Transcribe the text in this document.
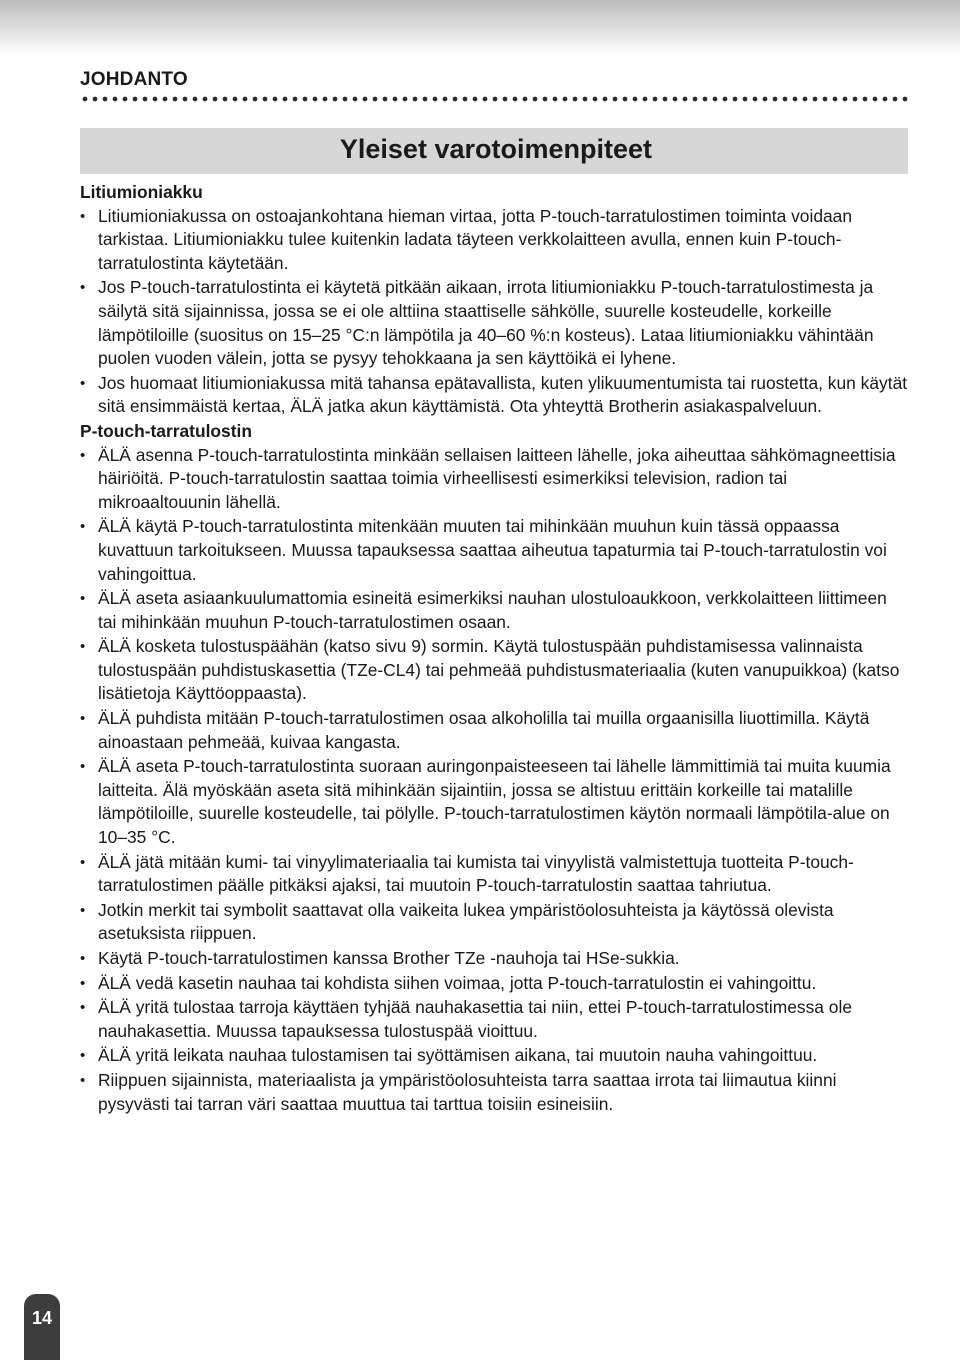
JOHDANTO
Yleiset varotoimenpiteet
Litiumioniakku
• Litiumioniakussa on ostoajankohtana hieman virtaa, jotta P-touch-tarratulostimen toiminta voidaan tarkistaa. Litiumioniakku tulee kuitenkin ladata täyteen verkkolaitteen avulla, ennen kuin P-touch-tarratulostinta käytetään.
• Jos P-touch-tarratulostinta ei käytetä pitkään aikaan, irrota litiumioniakku P-touch-tarratulostimesta ja säilytä sitä sijainnissa, jossa se ei ole alttiina staattiselle sähkölle, suurelle kosteudelle, korkeille lämpötiloille (suositus on 15–25 °C:n lämpötila ja 40–60 %:n kosteus). Lataa litiumioniakku vähintään puolen vuoden välein, jotta se pysyy tehokkaana ja sen käyttöikä ei lyhene.
• Jos huomaat litiumioniakussa mitä tahansa epätavallista, kuten ylikuumentumista tai ruostetta, kun käytät sitä ensimmäistä kertaa, ÄLÄ jatka akun käyttämistä. Ota yhteyttä Brotherin asiakaspalveluun.
P-touch-tarratulostin
• ÄLÄ asenna P-touch-tarratulostinta minkään sellaisen laitteen lähelle, joka aiheuttaa sähkömagneettisia häiriöitä. P-touch-tarratulostin saattaa toimia virheellisesti esimerkiksi television, radion tai mikroaaltouunin lähellä.
• ÄLÄ käytä P-touch-tarratulostinta mitenkään muuten tai mihinkään muuhun kuin tässä oppaassa kuvattuun tarkoitukseen. Muussa tapauksessa saattaa aiheutua tapaturmia tai P-touch-tarratulostin voi vahingoittua.
• ÄLÄ aseta asiaankuulumattomia esineitä esimerkiksi nauhan ulostuloaukkoon, verkkolaitteen liittimeen tai mihinkään muuhun P-touch-tarratulostimen osaan.
• ÄLÄ kosketa tulostuspäähän (katso sivu 9) sormin. Käytä tulostuspään puhdistamisessa valinnaista tulostuspään puhdistuskasettia (TZe-CL4) tai pehmeää puhdistusmateriaalia (kuten vanupuikkoa) (katso lisätietoja Käyttöoppaasta).
• ÄLÄ puhdista mitään P-touch-tarratulostimen osaa alkoholilla tai muilla orgaanisilla liuottimilla. Käytä ainoastaan pehmeää, kuivaa kangasta.
• ÄLÄ aseta P-touch-tarratulostinta suoraan auringonpaisteeseen tai lähelle lämmittimiä tai muita kuumia laitteita. Älä myöskään aseta sitä mihinkään sijaintiin, jossa se altistuu erittäin korkeille tai matalille lämpötiloille, suurelle kosteudelle, tai pölylle. P-touch-tarratulostimen käytön normaali lämpötila-alue on 10–35 °C.
• ÄLÄ jätä mitään kumi- tai vinyylimateriaalia tai kumista tai vinyylistä valmistettuja tuotteita P-touch-tarratulostimen päälle pitkäksi ajaksi, tai muutoin P-touch-tarratulostin saattaa tahriutua.
• Jotkin merkit tai symbolit saattavat olla vaikeita lukea ympäristöolosuhteista ja käytössä olevista asetuksista riippuen.
• Käytä P-touch-tarratulostimen kanssa Brother TZe -nauhoja tai HSe-sukkia.
• ÄLÄ vedä kasetin nauhaa tai kohdista siihen voimaa, jotta P-touch-tarratulostin ei vahingoittu.
• ÄLÄ yritä tulostaa tarroja käyttäen tyhjää nauhakasettia tai niin, ettei P-touch-tarratulostimessa ole nauhakasettia. Muussa tapauksessa tulostuspää vioittuu.
• ÄLÄ yritä leikata nauhaa tulostamisen tai syöttämisen aikana, tai muutoin nauha vahingoittuu.
• Riippuen sijainnista, materiaalista ja ympäristöolosuhteista tarra saattaa irrota tai liimautua kiinni pysyvästi tai tarran väri saattaa muuttua tai tarttua toisiin esineisiin.
14
